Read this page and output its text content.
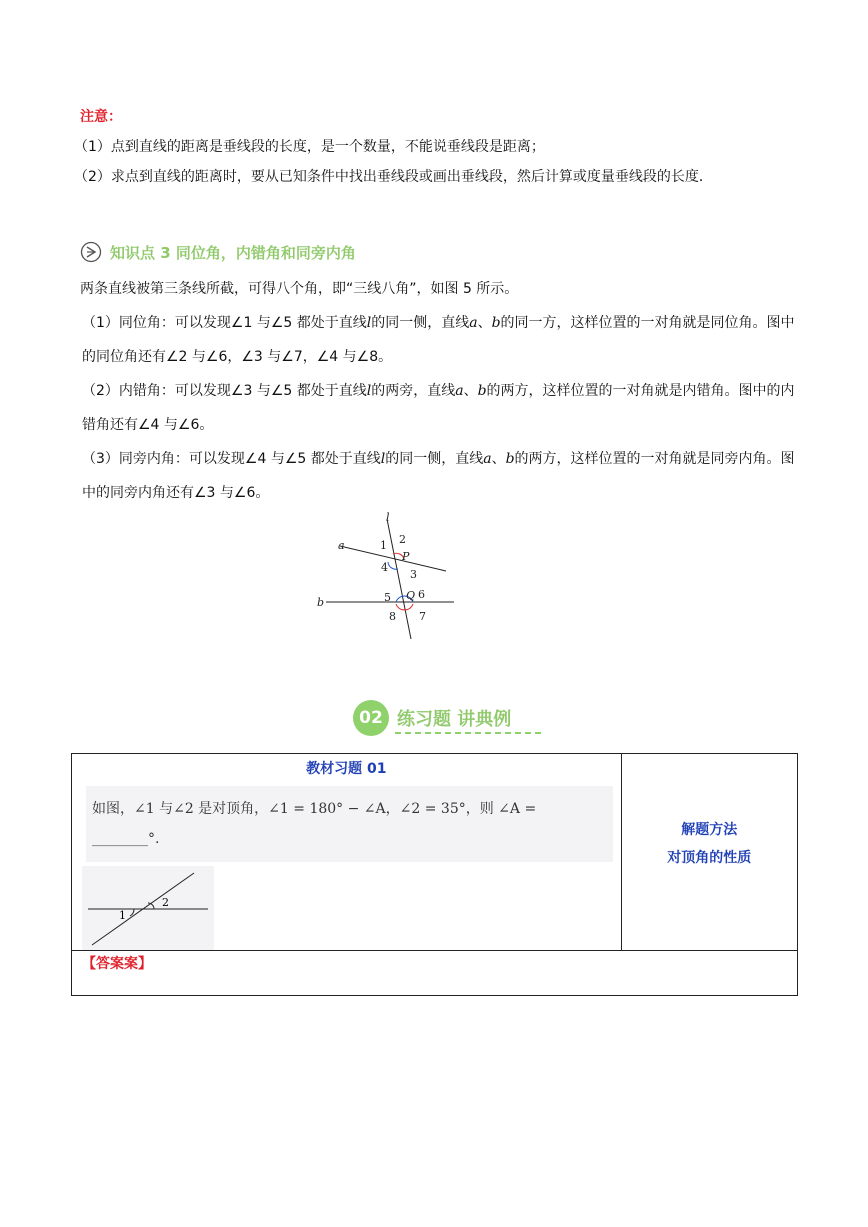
注意：
（1）点到直线的距离是垂线段的长度，是一个数量，不能说垂线段是距离；
（2）求点到直线的距离时，要从已知条件中找出垂线段或画出垂线段，然后计算或度量垂线段的长度．
知识点 3 同位角，内错角和同旁内角

两条直线被第三条线所截，可得八个角，即“三线八角”，如图 5 所示。

（1）同位角：可以发现∠1 与∠5 都处于直线l的同一侧，直线a、b的同一方，这样位置的一对角就是同位角。图中的同位角还有∠2 与∠6，∠3 与∠7，∠4 与∠8。

（2）内错角：可以发现∠3 与∠5 都处于直线l的两旁，直线a、b的两方，这样位置的一对角就是内错角。图中的内错角还有∠4 与∠6。

（3）同旁内角：可以发现∠4 与∠5 都处于直线l的同一侧，直线a、b的两方，这样位置的一对角就是同旁内角。图中的同旁内角还有∠3 与∠6。

l
a
b
P
Q
1 2
3
4
5 6
7
8
02 练习题 讲典例
教材习题 01
如图，∠1 与∠2 是对顶角，∠1 = 180° − ∠A，∠2 = 35°，则 ∠A = ________°.
1
2

解题方法
对顶角的性质

【答案案】
